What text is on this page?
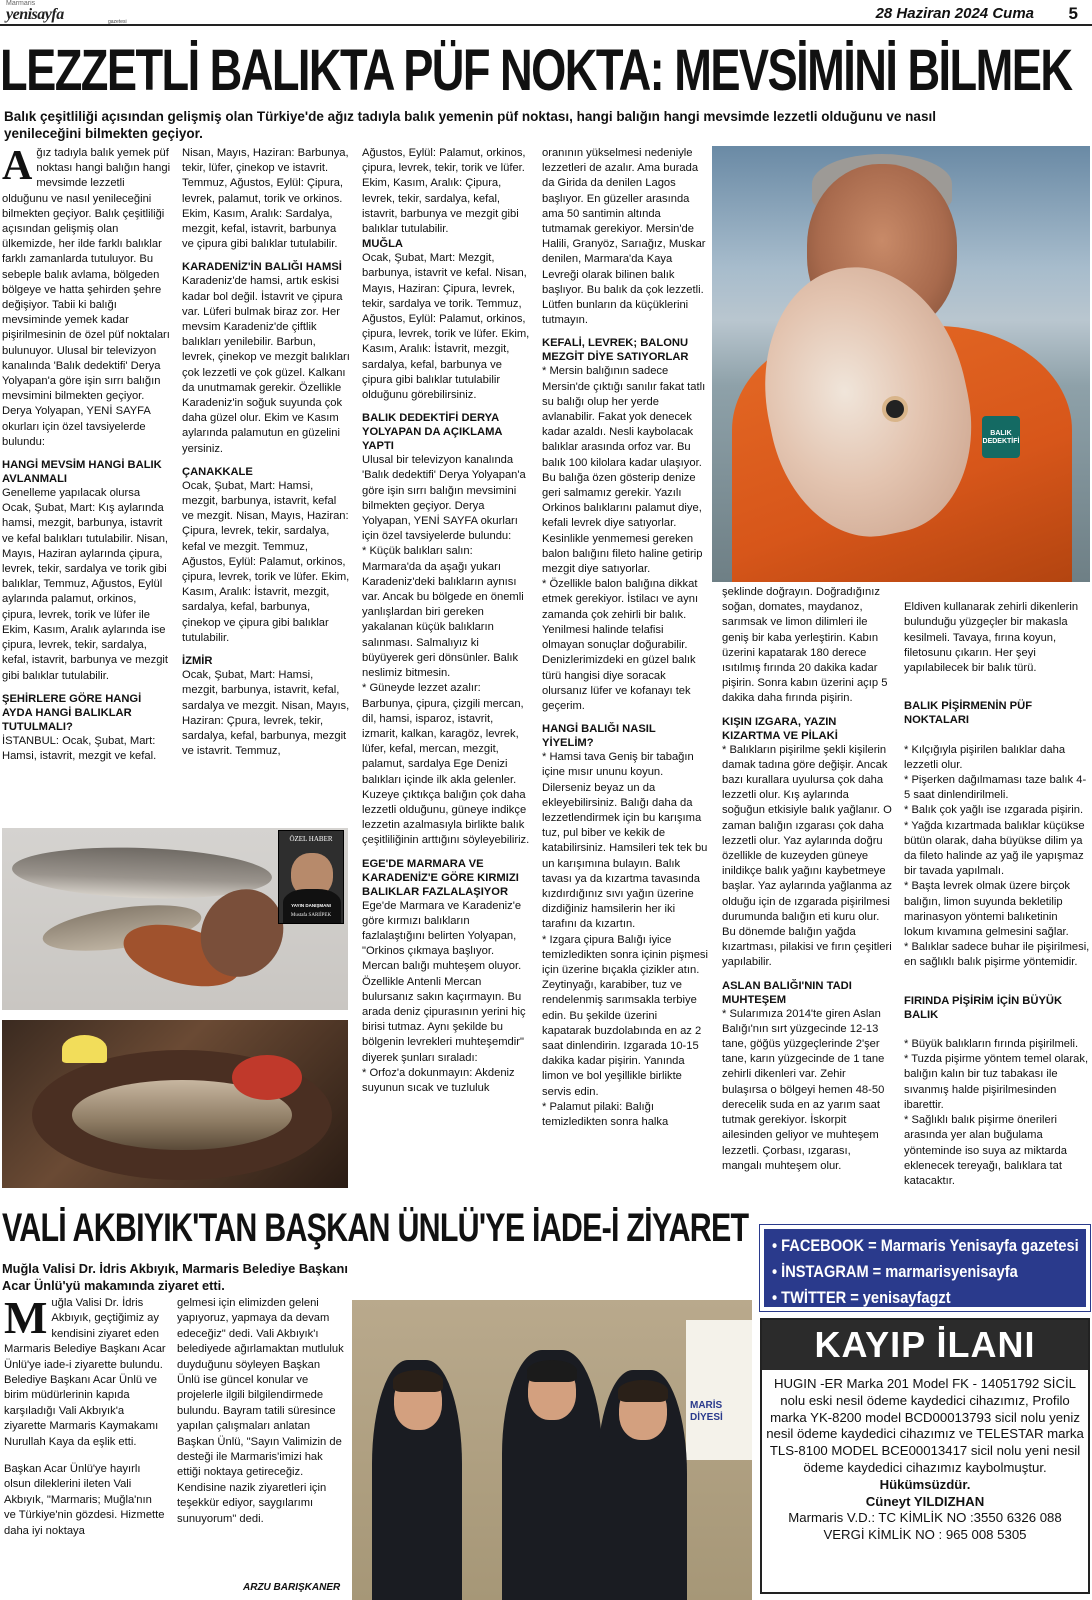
Marmaris
yenisayfa	gazetesi	28 Haziran 2024 Cuma 5
LEZZETLİ BALIKTA PÜF NOKTA: MEVSİMİNİ BİLMEK
Balık çeşitliliği açısından gelişmiş olan Türkiye'de ağız tadıyla balık yemenin püf noktası, hangi balığın hangi mevsimde lezzetli olduğunu ve nasıl yenileceğini bilmekten geçiyor.
A ğız tadıyla balık yemek püf noktası hangi balığın hangi mevsimde lezzetli olduğunu ve nasıl yenileceğini bilmekten geçiyor. Balık çeşitliliği açısından gelişmiş olan ülkemizde, her ilde farklı balıklar farklı zamanlarda tutuluyor. Bu sebeple balık avlama, bölgeden bölgeye ve hatta şehirden şehre değişiyor. Tabii ki balığı mevsiminde yemek kadar pişirilmesinin de özel püf noktaları bulunuyor. Ulusal bir televizyon kanalında 'Balık dedektifi' Derya Yolyapan'a göre işin sırrı balığın mevsimini bilmekten geçiyor. Derya Yolyapan, YENİ SAYFA okurları için özel tavsiyelerde bulundu:

HANGİ MEVSİM HANGİ BALIK AVLANMALI

Genelleme yapılacak olursa Ocak, Şubat, Mart: Kış aylarında hamsi, mezgit, barbunya, istavrit ve kefal balıkları tutulabilir. Nisan, Mayıs, Haziran aylarında çipura, levrek, tekir, sardalya ve torik gibi balıklar, Temmuz, Ağustos, Eylül aylarında palamut, orkinos, çipura, levrek, torik ve lüfer ile Ekim, Kasım, Aralık aylarında ise çipura, levrek, tekir, sardalya, kefal, istavrit, barbunya ve mezgit gibi balıklar tutulabilir.

ŞEHİRLERE GÖRE HANGİ AYDA HANGİ BALIKLAR TUTULMALI?

İSTANBUL: Ocak, Şubat, Mart: Hamsi, istavrit, mezgit ve kefal.

Nisan, Mayıs, Haziran: Barbunya, tekir, lüfer, çinekop ve istavrit. Temmuz, Ağustos, Eylül: Çipura, levrek, palamut, torik ve orkinos. Ekim, Kasım, Aralık: Sardalya, mezgit, kefal, istavrit, barbunya ve çipura gibi balıklar tutulabilir.

KARADENİZ'İN BALIĞI HAMSİ

Karadeniz'de hamsi, artık eskisi kadar bol değil. İstavrit ve çipura var. Lüferi bulmak biraz zor. Her mevsim Karadeniz'de çiftlik balıkları yenilebilir. Barbun, levrek, çinekop ve mezgit balıkları çok lezzetli ve çok güzel. Kalkanı da unutmamak gerekir. Özellikle Karadeniz'in soğuk suyunda çok daha güzel olur. Ekim ve Kasım aylarında palamutun en güzelini yersiniz.

ÇANAKKALE

Ocak, Şubat, Mart: Hamsi, mezgit, barbunya, istavrit, kefal ve mezgit. Nisan, Mayıs, Haziran: Çipura, levrek, tekir, sardalya, kefal ve mezgit. Temmuz, Ağustos, Eylül: Palamut, orkinos, çipura, levrek, torik ve lüfer. Ekim, Kasım, Aralık: İstavrit, mezgit, sardalya, kefal, barbunya, çinekop ve çipura gibi balıklar tutulabilir.

İZMİR

Ocak, Şubat, Mart: Hamsi, mezgit, barbunya, istavrit, kefal, sardalya ve mezgit. Nisan, Mayıs, Haziran: Çpura, levrek, tekir, sardalya, kefal, barbunya, mezgit ve istavrit. Temmuz,

Ağustos, Eylül: Palamut, orkinos, çipura, levrek, tekir, torik ve lüfer. Ekim, Kasım, Aralık: Çipura, levrek, tekir, sardalya, kefal, istavrit, barbunya ve mezgit gibi balıklar tutulabilir.

MUĞLA

Ocak, Şubat, Mart: Mezgit, barbunya, istavrit ve kefal. Nisan, Mayıs, Haziran: Çipura, levrek, tekir, sardalya ve torik. Temmuz, Ağustos, Eylül: Palamut, orkinos, çipura, levrek, torik ve lüfer. Ekim, Kasım, Aralık: İstavrit, mezgit, sardalya, kefal, barbunya ve çipura gibi balıklar tutulabilir olduğunu görebilirsiniz.

BALIK DEDEKTİFİ DERYA YOLYAPAN DA AÇIKLAMA YAPTI

Ulusal bir televizyon kanalında 'Balık dedektifi' Derya Yolyapan'a göre işin sırrı balığın mevsimini bilmekten geçiyor. Derya Yolyapan, YENİ SAYFA okurları için özel tavsiyelerde bulundu:

* Küçük balıkları salın: Marmara'da da aşağı yukarı Karadeniz'deki balıkların aynısı var. Ancak bu bölgede en önemli yanlışlardan biri gereken yakalanan küçük balıkların salınması. Salmalıyız ki büyüyerek geri dönsünler. Balık neslimiz bitmesin.

* Güneyde lezzet azalır: Barbunya, çipura, çizgili mercan, dil, hamsi, isparoz, istavrit, izmarit, kalkan, karagöz, levrek, lüfer, kefal, mercan, mezgit, palamut, sardalya Ege Denizi balıkları içinde ilk akla gelenler. Kuzeye çıktıkça balığın çok daha lezzetli olduğunu, güneye indikçe lezzetin azalmasıyla birlikte balık çeşitliliğinin arttığını söyleyebiliriz.

EGE'DE MARMARA VE KARADENİZ'E GÖRE KIRMIZI BALIKLAR FAZLALAŞIYOR

Ege'de Marmara ve Karadeniz'e göre kırmızı balıkların fazlalaştığını belirten Yolyapan, "Orkinos çıkmaya başlıyor. Mercan balığı muhteşem oluyor. Özellikle Antenli Mercan bulursanız sakın kaçırmayın. Bu arada deniz çipurasının yerini hiç birisi tutmaz. Aynı şekilde bu bölgenin levrekleri muhteşemdir" diyerek şunları sıraladı:

* Orfoz'a dokunmayın: Akdeniz suyunun sıcak ve tuzluluk

oranının yükselmesi nedeniyle lezzetleri de azalır. Ama burada da Girida da denilen Lagos başlıyor. En güzeller arasında ama 50 santimin altında tutmamak gerekiyor. Mersin'de Halili, Granyöz, Sarıağız, Muskar denilen, Marmara'da Kaya Levreği olarak bilinen balık başlıyor. Bu balık da çok lezzetli. Lütfen bunların da küçüklerini tutmayın.

KEFALİ, LEVREK; BALONU MEZGİT DİYE SATIYORLAR

* Mersin balığının sadece Mersin'de çıktığı sanılır fakat tatlı su balığı olup her yerde avlanabilir. Fakat yok denecek kadar azaldı. Nesli kaybolacak balıklar arasında orfoz var. Bu balık 100 kilolara kadar ulaşıyor. Bu balığa özen gösterip denize geri salmamız gerekir. Yazılı Orkinos balıklarını palamut diye, kefali levrek diye satıyorlar. Kesinlikle yenmemesi gereken balon balığını fileto haline getirip mezgit diye satıyorlar.

* Özellikle balon balığına dikkat etmek gerekiyor. İstilacı ve aynı zamanda çok zehirli bir balık. Yenilmesi halinde telafisi olmayan sonuçlar doğurabilir. Denizlerimizdeki en güzel balık türü hangisi diye soracak olursanız lüfer ve kofanayı tek geçerim.

HANGİ BALIĞI NASIL YİYELİM?

* Hamsi tava Geniş bir tabağın içine mısır ununu koyun. Dilerseniz beyaz un da ekleyebilirsiniz. Balığı daha da lezzetlendirmek için bu karışıma tuz, pul biber ve kekik de katabilirsiniz. Hamsileri tek tek bu un karışımına bulayın. Balık tavası ya da kızartma tavasında kızdırdığınız sıvı yağın üzerine dizdiğiniz hamsilerin her iki tarafını da kızartın.

* Izgara çipura Balığı iyice temizledikten sonra içinin pişmesi için üzerine bıçakla çizikler atın. Zeytinyağı, karabiber, tuz ve rendelenmiş sarımsakla terbiye edin. Bu şekilde üzerini kapatarak buzdolabında en az 2 saat dinlendirin. Izgarada 10-15 dakika kadar pişirin. Yanında limon ve bol yeşillikle birlikte servis edin.

* Palamut pilaki: Balığı temizledikten sonra halka

şeklinde doğrayın. Doğradığınız soğan, domates, maydanoz, sarımsak ve limon dilimleri ile geniş bir kaba yerleştirin. Kabın üzerini kapatarak 180 derece ısıtılmış fırında 20 dakika kadar pişirin. Sonra kabın üzerini açıp 5 dakika daha fırında pişirin.

KIŞIN IZGARA, YAZIN KIZARTMA VE PİLAKİ

* Balıkların pişirilme şekli kişilerin damak tadına göre değişir. Ancak bazı kurallara uyulursa çok daha lezzetli olur. Kış aylarında soğuğun etkisiyle balık yağlanır. O zaman balığın ızgarası çok daha lezzetli olur. Yaz aylarında doğru özellikle de kuzeyden güneye inildikçe balık yağını kaybetmeye başlar. Yaz aylarında yağlanma az olduğu için de ızgarada pişirilmesi durumunda balığın eti kuru olur. Bu dönemde balığın yağda kızartması, pilakisi ve fırın çeşitleri yapılabilir.

ASLAN BALIĞI'NIN TADI MUHTEŞEM

* Sularımıza 2014'te giren Aslan Balığı'nın sırt yüzgecinde 12-13 tane, göğüs yüzgeçlerinde 2'şer tane, karın yüzgecinde de 1 tane zehirli dikenleri var. Zehir bulaşırsa o bölgeyi hemen 48-50 derecelik suda en az yarım saat tutmak gerekiyor. İskorpit ailesinden geliyor ve muhteşem lezzetli. Çorbası, ızgarası, mangalı muhteşem olur.

Eldiven kullanarak zehirli dikenlerin bulunduğu yüzgeçler bir makasla kesilmeli. Tavaya, fırına koyun, filetosunu çıkarın. Her şeyi yapılabilecek bir balık türü.

BALIK PİŞİRMENİN PÜF NOKTALARI

* Kılçığıyla pişirilen balıklar daha lezzetli olur.
* Pişerken dağılmaması taze balık 4-5 saat dinlendirilmeli.
* Balık çok yağlı ise ızgarada pişirin.
* Yağda kızartmada balıklar küçükse bütün olarak, daha büyükse dilim ya da fileto halinde az yağ ile yapışmaz bir tavada yapılmalı.
* Başta levrek olmak üzere birçok balığın, limon suyunda bekletilip marinasyon yöntemi balıketinin lokum kıvamına gelmesini sağlar.
* Balıklar sadece buhar ile pişirilmesi, en sağlıklı balık pişirme yöntemidir.

FIRINDA PİŞİRİM İÇİN BÜYÜK BALIK

* Büyük balıkların fırında pişirilmeli.
* Tuzda pişirme yöntem temel olarak, balığın kalın bir tuz tabakası ile sıvanmış halde pişirilmesinden ibarettir.
* Sağlıklı balık pişirme önerileri arasında yer alan buğulama yönteminde iso suya az miktarda eklenecek tereyağı, balıklara tat katacaktır.

BALIK DEDEKTİFİ
ÖZEL HABER
YAYIN DANIŞMANI
Mustafa SARIİPEK
VALİ AKBIYIK'TAN BAŞKAN ÜNLÜ'YE İADE-İ ZİYARET
Muğla Valisi Dr. İdris Akbıyık, Marmaris Belediye Başkanı Acar Ünlü'yü makamında ziyaret etti.
M uğla Valisi Dr. İdris Akbıyık, geçtiğimiz ay kendisini ziyaret eden Marmaris Belediye Başkanı Acar Ünlü'ye iade-i ziyarette bulundu. Belediye Başkanı Acar Ünlü ve birim müdürlerinin kapıda karşıladığı Vali Akbıyık'a ziyarette Marmaris Kaymakamı Nurullah Kaya da eşlik etti.

Başkan Acar Ünlü'ye hayırlı olsun dileklerini ileten Vali Akbıyık, "Marmaris; Muğla'nın ve Türkiye'nin gözdesi. Hizmette daha iyi noktaya

gelmesi için elimizden geleni yapıyoruz, yapmaya da devam edeceğiz" dedi. Vali Akbıyık'ı belediyede ağırlamaktan mutluluk duyduğunu söyleyen Başkan Ünlü ise güncel konular ve projelerle ilgili bilgilendirmede bulundu. Bayram tatili süresince yapılan çalışmaları anlatan Başkan Ünlü, "Sayın Valimizin de desteği ile Marmaris'imizi hak ettiği noktaya getireceğiz. Kendisine nazik ziyaretleri için teşekkür ediyor, saygılarımı sunuyorum" dedi.

ARZU BARIŞKANER
MARİS
DİYESİ
• FACEBOOK = Marmaris Yenisayfa gazetesi
• İNSTAGRAM = marmarisyenisayfa
• TWİTTER = yenisayfagzt
KAYIP İLANI

HUGIN -ER Marka 201 Model FK - 14051792 SİCİL nolu eski nesil ödeme kaydedici cihazımız, Profilo marka YK-8200 model BCD00013793 sicil nolu yeniz nesil ödeme kaydedici cihazımız ve TELESTAR marka TLS-8100 MODEL BCE00013417 sicil nolu yeni nesil ödeme kaydedici cihazımız kaybolmuştur.

Hükümsüzdür.

Cüneyt YILDIZHAN

Marmaris V.D.: TC KİMLİK NO :3550 6326 088

VERGİ KİMLİK NO : 965 008 5305
